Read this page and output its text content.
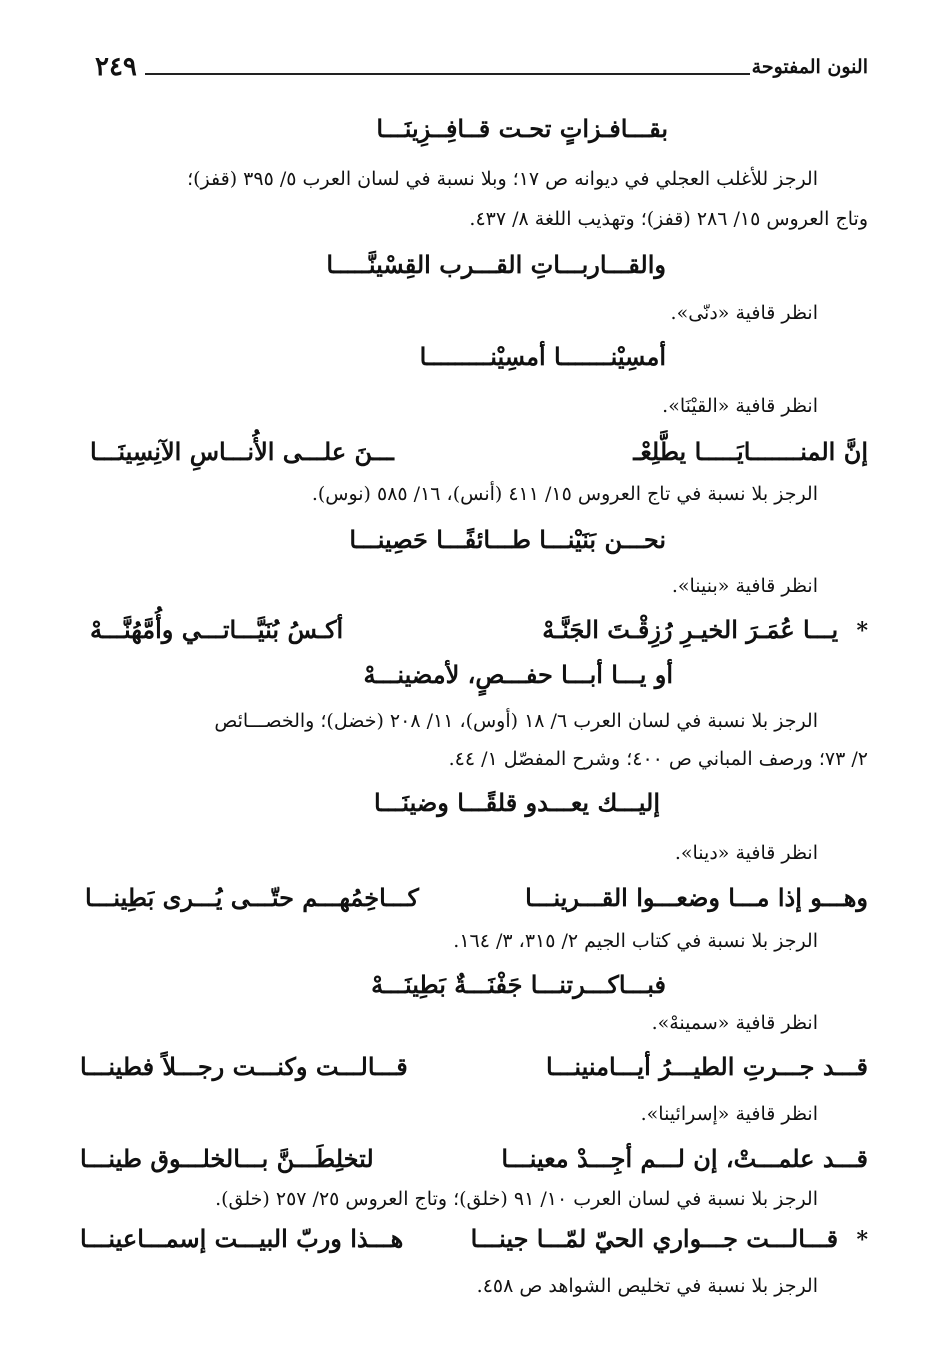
النون المفتوحة
٢٤٩
بقـــافـزاتٍ تحـت قــافِــزِينَـــا
الرجز للأغلب العجلي في ديوانه ص ١٧؛ وبلا نسبة في لسان العرب ٥/ ٣٩٥ (قفز)؛
وتاج العروس ١٥/ ٢٨٦ (قفز)؛ وتهذيب اللغة ٨/ ٤٣٧.
والقـــاربـــاتِ القـــرب القِسْينَّـــــا
انظر قافية «دنّى».
أمسِيْنـــــــا أمسِيْنـــــــــا
انظر قافية «القيْنَا».
إنَّ المنـــــــايَـــــا يطَّلِعْـ
ـــنَ علـــى الأُنـــاسِ الآنِسِينَـــا
الرجز بلا نسبة في تاج العروس ١٥/ ٤١١ (أنس)، ١٦/ ٥٨٥ (نوس).
نحـــن بَنَيْنـــا طـــائفًـــا حَصِينـــا
انظر قافية «بنينا».
* يـــا عُمَـرَ الخيـرِ رُزِقْـتَ الجَنَّـهْ
أكـسُ بُنَيَّـــاتـــي وأُمَّهُنَّـــهْ
أو يـــا أبـــا حفـــصٍ، لأمضينـــهْ
الرجز بلا نسبة في لسان العرب ٦/ ١٨ (أوس)، ١١/ ٢٠٨ (خضل)؛ والخصـــائص
٢/ ٧٣؛ ورصف المباني ص ٤٠٠؛ وشرح المفصّل ١/ ٤٤.
إليـــك يعـــدو قلقًـــا وضينَـــا
انظر قافية «دينا».
وهـــو إذا مـــا وضعـــوا القـــرينـــا
كـــاخِمُهـــم حتّـــى يُـــرى بَطِينـــا
الرجز بلا نسبة في كتاب الجيم ٢/ ٣١٥، ٣/ ١٦٤.
فبـــاكـــرتنـــا جَفْنَـــةٌ بَطِينَـــهْ
انظر قافية «سمينهْ».
قـــد جـــرتِ الطيـــرُ أيـــامنينـــا
قـــالـــت وكنـــت رجـــلاً فطينـــا
انظر قافية «إسرائينا».
قـــد علمـــتْ، إن لـــم أجِـــدْ معينـــا
لتخلِطَـــنَّ بـــالخلـــوق طينـــا
الرجز بلا نسبة في لسان العرب ١٠/ ٩١ (خلق)؛ وتاج العروس ٢٥/ ٢٥٧ (خلق).
* قـــالـــت جـــواري الحيّ لمّـــا جينـــا
هـــذا وربّ البيـــت إسمـــاعينـــا
الرجز بلا نسبة في تخليص الشواهد ص ٤٥٨.
